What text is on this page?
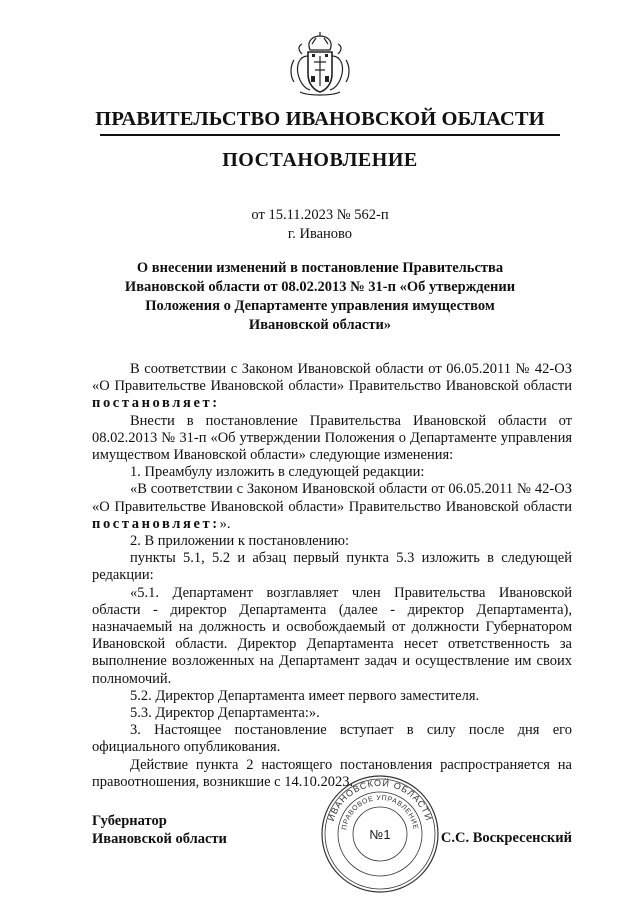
ПРАВИТЕЛЬСТВО ИВАНОВСКОЙ ОБЛАСТИ
ПОСТАНОВЛЕНИЕ
от 15.11.2023 № 562-п
г. Иваново
О внесении изменений в постановление Правительства
Ивановской области от 08.02.2013 № 31-п «Об утверждении
Положения о Департаменте управления имуществом
Ивановской области»

В соответствии с Законом Ивановской области от 06.05.2011 № 42-ОЗ «О Правительстве Ивановской области» Правительство Ивановской области постановляет:

Внести в постановление Правительства Ивановской области от 08.02.2013 № 31-п «Об утверждении Положения о Департаменте управления имуществом Ивановской области» следующие изменения:

1. Преамбулу изложить в следующей редакции:

«В соответствии с Законом Ивановской области от 06.05.2011 № 42-ОЗ «О Правительстве Ивановской области» Правительство Ивановской области постановляет:».

2. В приложении к постановлению:

пункты 5.1, 5.2 и абзац первый пункта 5.3 изложить в следующей редакции:

«5.1. Департамент возглавляет член Правительства Ивановской области - директор Департамента (далее - директор Департамента), назначаемый на должность и освобождаемый от должности Губернатором Ивановской области. Директор Департамента несет ответственность за выполнение возложенных на Департамент задач и осуществление им своих полномочий.

5.2. Директор Департамента имеет первого заместителя.

5.3. Директор Департамента:».

3. Настоящее постановление вступает в силу после дня его официального опубликования.

Действие пункта 2 настоящего постановления распространяется на правоотношения, возникшие с 14.10.2023.

Губернатор
Ивановской области	С.С. Воскресенский
ИВАНОВСКОЙ ОБЛАСТИ
ПРАВОВОЕ УПРАВЛЕНИЕ
№1
